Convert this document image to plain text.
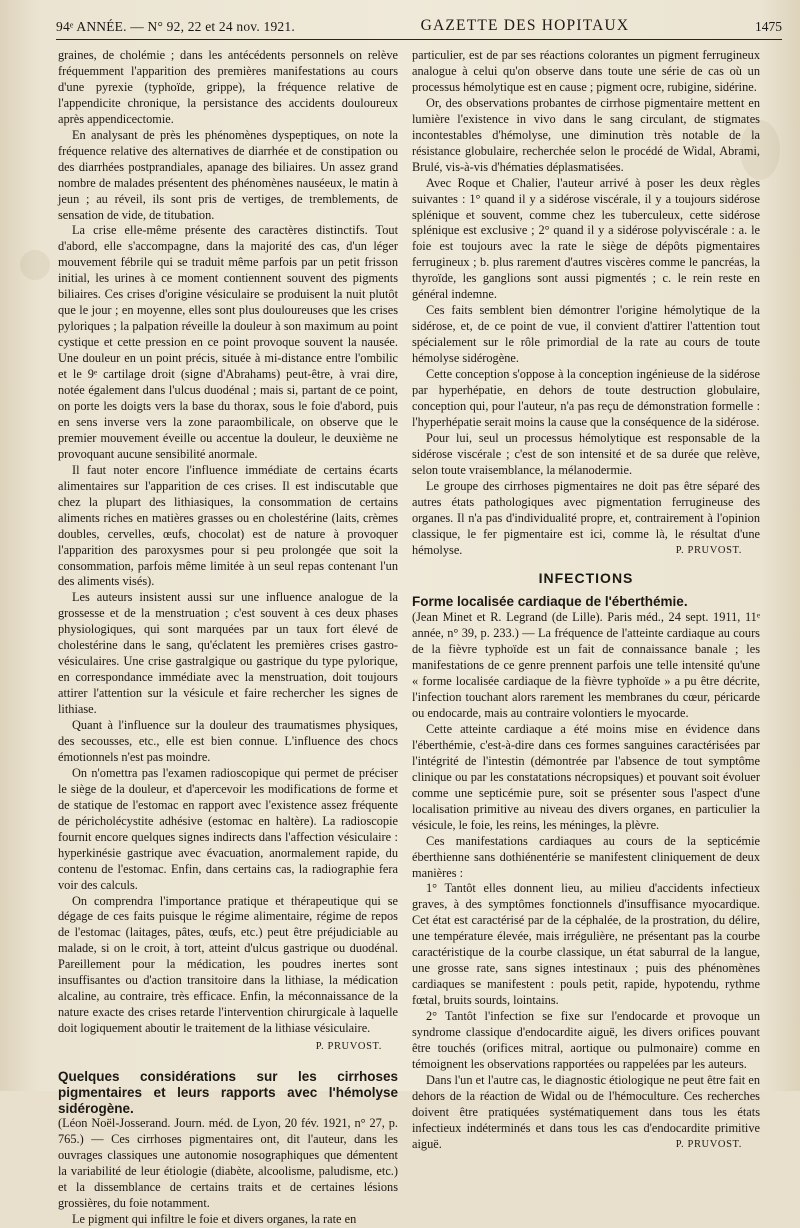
94ᵉ ANNÉE. — N° 92, 22 et 24 nov. 1921.	GAZETTE DES HOPITAUX	1475

graines, de cholémie ; dans les antécédents personnels on relève fréquemment l'apparition des premières manifestations au cours d'une pyrexie (typhoïde, grippe), la fréquence relative de l'appendicite chronique, la persistance des accidents douloureux après appendicectomie.

En analysant de près les phénomènes dyspeptiques, on note la fréquence relative des alternatives de diarrhée et de constipation ou des diarrhées postprandiales, apanage des biliaires. Un assez grand nombre de malades présentent des phénomènes nauséeux, le matin à jeun ; au réveil, ils sont pris de vertiges, de tremblements, de sensation de vide, de titubation.

La crise elle-même présente des caractères distinctifs. Tout d'abord, elle s'accompagne, dans la majorité des cas, d'un léger mouvement fébrile qui se traduit même parfois par un petit frisson initial, les urines à ce moment contiennent souvent des pigments biliaires. Ces crises d'origine vésiculaire se produisent la nuit plutôt que le jour ; en moyenne, elles sont plus douloureuses que les crises pyloriques ; la palpation réveille la douleur à son maximum au point cystique et cette pression en ce point provoque souvent la nausée. Une douleur en un point précis, située à mi-distance entre l'ombilic et le 9ᵉ cartilage droit (signe d'Abrahams) peut-être, à vrai dire, notée également dans l'ulcus duodénal ; mais si, partant de ce point, on porte les doigts vers la base du thorax, sous le foie d'abord, puis en sens inverse vers la zone paraombilicale, on observe que le premier mouvement éveille ou accentue la douleur, le deuxième ne provoquant aucune sensibilité anormale.

Il faut noter encore l'influence immédiate de certains écarts alimentaires sur l'apparition de ces crises. Il est indiscutable que chez la plupart des lithiasiques, la consommation de certains aliments riches en matières grasses ou en cholestérine (laits, crèmes doubles, cervelles, œufs, chocolat) est de nature à provoquer l'apparition des paroxysmes pour si peu prolongée que soit la consommation, parfois même limitée à un seul repas contenant l'un des aliments visés).

Les auteurs insistent aussi sur une influence analogue de la grossesse et de la menstruation ; c'est souvent à ces deux phases physiologiques, qui sont marquées par un taux fort élevé de cholestérine dans le sang, qu'éclatent les premières crises gastro-vésiculaires. Une crise gastralgique ou gastrique du type pylorique, en correspondance immédiate avec la menstruation, doit toujours attirer l'attention sur la vésicule et faire rechercher les signes de lithiase.

Quant à l'influence sur la douleur des traumatismes physiques, des secousses, etc., elle est bien connue. L'influence des chocs émotionnels n'est pas moindre.

On n'omettra pas l'examen radioscopique qui permet de préciser le siège de la douleur, et d'apercevoir les modifications de forme et de statique de l'estomac en rapport avec l'existence assez fréquente de péricholécystite adhésive (estomac en haltère). La radioscopie fournit encore quelques signes indirects dans l'affection vésiculaire : hyperkinésie gastrique avec évacuation, anormalement rapide, du contenu de l'estomac. Enfin, dans certains cas, la radiographie fera voir des calculs.

On comprendra l'importance pratique et thérapeutique qui se dégage de ces faits puisque le régime alimentaire, régime de repos de l'estomac (laitages, pâtes, œufs, etc.) peut être préjudiciable au malade, si on le croit, à tort, atteint d'ulcus gastrique ou duodénal. Pareillement pour la médication, les poudres inertes sont insuffisantes ou d'action transitoire dans la lithiase, la médication alcaline, au contraire, très efficace. Enfin, la méconnaissance de la nature exacte des crises retarde l'intervention chirurgicale à laquelle doit logiquement aboutir le traitement de la lithiase vésiculaire.

P. PRUVOST.
Quelques considérations sur les cirrhoses pigmentaires et leurs rapports avec l'hémolyse sidérogène.

(Léon Noël-Josserand. Journ. méd. de Lyon, 20 fév. 1921, n° 27, p. 765.) — Ces cirrhoses pigmentaires ont, dit l'auteur, dans les ouvrages classiques une autonomie nosographiques que démentent la variabilité de leur étiologie (diabète, alcoolisme, paludisme, etc.) et la dissemblance de certains traits et de certaines lésions grossières, du foie notamment.

Le pigment qui infiltre le foie et divers organes, la rate en

particulier, est de par ses réactions colorantes un pigment ferrugineux analogue à celui qu'on observe dans toute une série de cas où un processus hémolytique est en cause ; pigment ocre, rubigine, sidérine.

Or, des observations probantes de cirrhose pigmentaire mettent en lumière l'existence in vivo dans le sang circulant, de stigmates incontestables d'hémolyse, une diminution très notable de la résistance globulaire, recherchée selon le procédé de Widal, Abrami, Brulé, vis-à-vis d'hématies déplasmatisées.

Avec Roque et Chalier, l'auteur arrivé à poser les deux règles suivantes : 1° quand il y a sidérose viscérale, il y a toujours sidérose splénique et souvent, comme chez les tuberculeux, cette sidérose splénique est exclusive ; 2° quand il y a sidérose polyviscérale : a. le foie est toujours avec la rate le siège de dépôts pigmentaires ferrugineux ; b. plus rarement d'autres viscères comme le pancréas, la thyroïde, les ganglions sont aussi pigmentés ; c. le rein reste en général indemne.

Ces faits semblent bien démontrer l'origine hémolytique de la sidérose, et, de ce point de vue, il convient d'attirer l'attention tout spécialement sur le rôle primordial de la rate au cours de toute hémolyse sidérogène.

Cette conception s'oppose à la conception ingénieuse de la sidérose par hyperhépatie, en dehors de toute destruction globulaire, conception qui, pour l'auteur, n'a pas reçu de démonstration formelle : l'hyperhépatie serait moins la cause que la conséquence de la sidérose.

Pour lui, seul un processus hémolytique est responsable de la sidérose viscérale ; c'est de son intensité et de sa durée que relève, selon toute vraisemblance, la mélanodermie.

Le groupe des cirrhoses pigmentaires ne doit pas être séparé des autres états pathologiques avec pigmentation ferrugineuse des organes. Il n'a pas d'individualité propre, et, contrairement à l'opinion classique, le fer pigmentaire est ici, comme là, le résultat d'une hémolyse.	P. PRUVOST.

INFECTIONS
Forme localisée cardiaque de l'éberthémie.

(Jean Minet et R. Legrand (de Lille). Paris méd., 24 sept. 1911, 11ᵉ année, n° 39, p. 233.) — La fréquence de l'atteinte cardiaque au cours de la fièvre typhoïde est un fait de connaissance banale ; les manifestations de ce genre prennent parfois une telle intensité qu'une « forme localisée cardiaque de la fièvre typhoïde » a pu être décrite, l'infection touchant alors rarement les membranes du cœur, péricarde ou endocarde, mais au contraire volontiers le myocarde.

Cette atteinte cardiaque a été moins mise en évidence dans l'éberthémie, c'est-à-dire dans ces formes sanguines caractérisées par l'intégrité de l'intestin (démontrée par l'absence de tout symptôme clinique ou par les constatations nécropsiques) et pouvant soit évoluer comme une septicémie pure, soit se présenter sous l'aspect d'une localisation primitive au niveau des divers organes, en particulier la vésicule, le foie, les reins, les méninges, la plèvre.

Ces manifestations cardiaques au cours de la septicémie éberthienne sans dothiénentérie se manifestent cliniquement de deux manières :

1° Tantôt elles donnent lieu, au milieu d'accidents infectieux graves, à des symptômes fonctionnels d'insuffisance myocardique. Cet état est caractérisé par de la céphalée, de la prostration, du délire, une température élevée, mais irrégulière, ne présentant pas la courbe caractéristique de la courbe classique, un état saburral de la langue, une grosse rate, sans signes intestinaux ; puis des phénomènes cardiaques se manifestent : pouls petit, rapide, hypotendu, rythme fœtal, bruits sourds, lointains.

2° Tantôt l'infection se fixe sur l'endocarde et provoque un syndrome classique d'endocardite aiguë, les divers orifices pouvant être touchés (orifices mitral, aortique ou pulmonaire) comme en témoignent les observations rapportées ou rappelées par les auteurs.

Dans l'un et l'autre cas, le diagnostic étiologique ne peut être fait en dehors de la réaction de Widal ou de l'hémoculture. Ces recherches doivent être pratiquées systématiquement dans tous les états infectieux indéterminés et dans tous les cas d'endocardite primitive aiguë.	P. PRUVOST.
